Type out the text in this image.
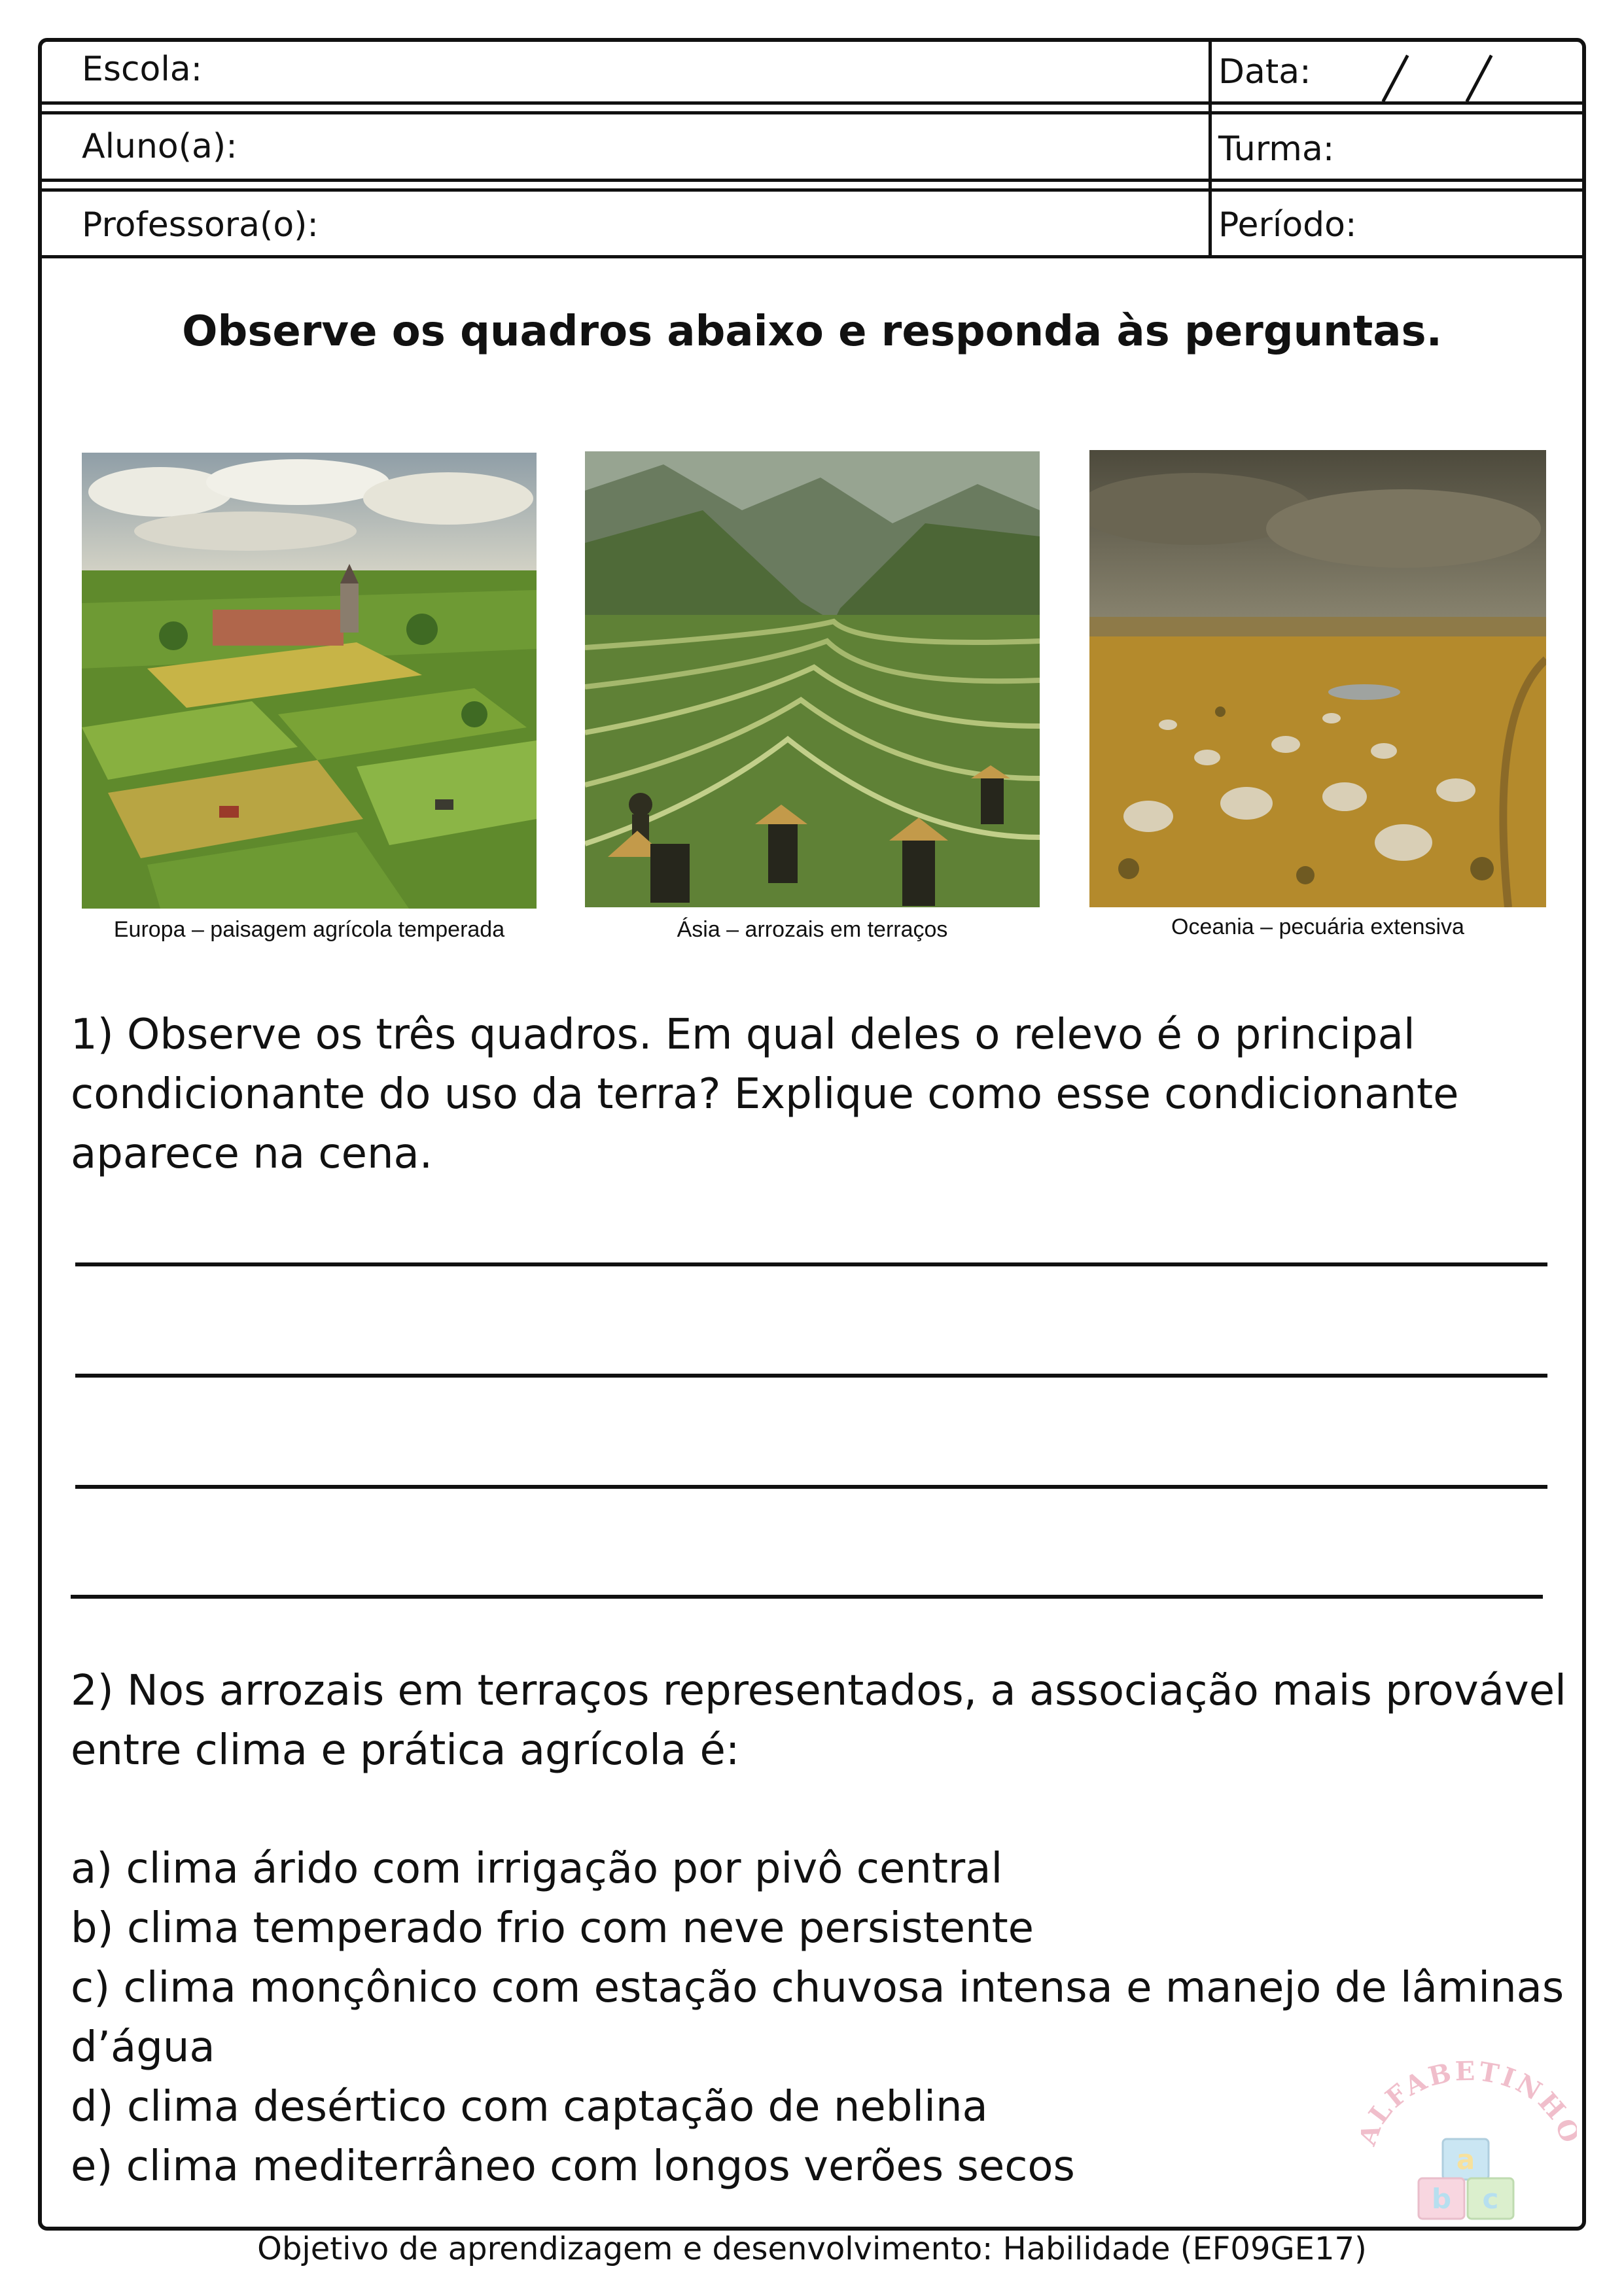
Escola:	Data:
Aluno(a):	Turma:
Professora(o):	Período:
Observe os quadros abaixo e responda às perguntas.
Europa – paisagem agrícola temperada	Ásia – arrozais em terraços	Oceania – pecuária extensiva
1) Observe os três quadros. Em qual deles o relevo é o principal
condicionante do uso da terra? Explique como esse condicionante
aparece na cena.
2) Nos arrozais em terraços representados, a associação mais provável
entre clima e prática agrícola é:
a) clima árido com irrigação por pivô central
b) clima temperado frio com neve persistente
c) clima monçônico com estação chuvosa intensa e manejo de lâminas
d’água
d) clima desértico com captação de neblina
e) clima mediterrâneo com longos verões secos
LFABETINH
a
b c
Objetivo de aprendizagem e desenvolvimento: Habilidade (EF09GE17)
